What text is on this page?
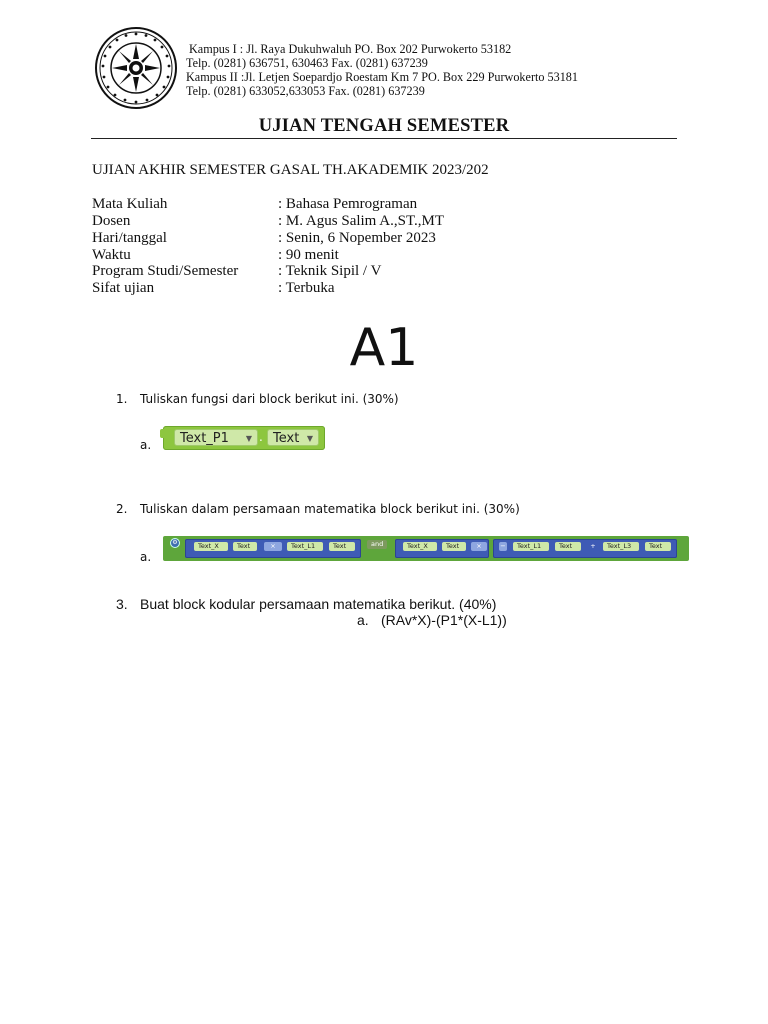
Kampus I : Jl. Raya Dukuhwaluh PO. Box 202 Purwokerto 53182
Telp. (0281) 636751, 630463 Fax. (0281) 637239
Kampus II :Jl. Letjen Soepardjo Roestam Km 7 PO. Box 229 Purwokerto 53181
Telp. (0281) 633052,633053 Fax. (0281) 637239
UJIAN TENGAH SEMESTER
UJIAN AKHIR SEMESTER GASAL TH.AKADEMIK 2023/202
Mata Kuliah	: Bahasa Pemrograman
Dosen	: M. Agus Salim A.,ST.,MT
Hari/tanggal	: Senin, 6 Nopember 2023
Waktu	: 90 menit
Program Studi/Semester	: Teknik Sipil / V
Sifat ujian	: Terbuka
A1
1. Tuliskan fungsi dari block berikut ini. (30%)
a.	Text_P1 ▼ . Text ▼
2. Tuliskan dalam persamaan matematika block berikut ini. (30%)
a.
⚙	Text_X	Text	×	Text_L1	Text	and	Text_X	Text	×	Text_L1	Text	+	Text_L3	Text
−
3. Buat block kodular persamaan matematika berikut. (40%)
a. (RAv*X)-(P1*(X-L1))
